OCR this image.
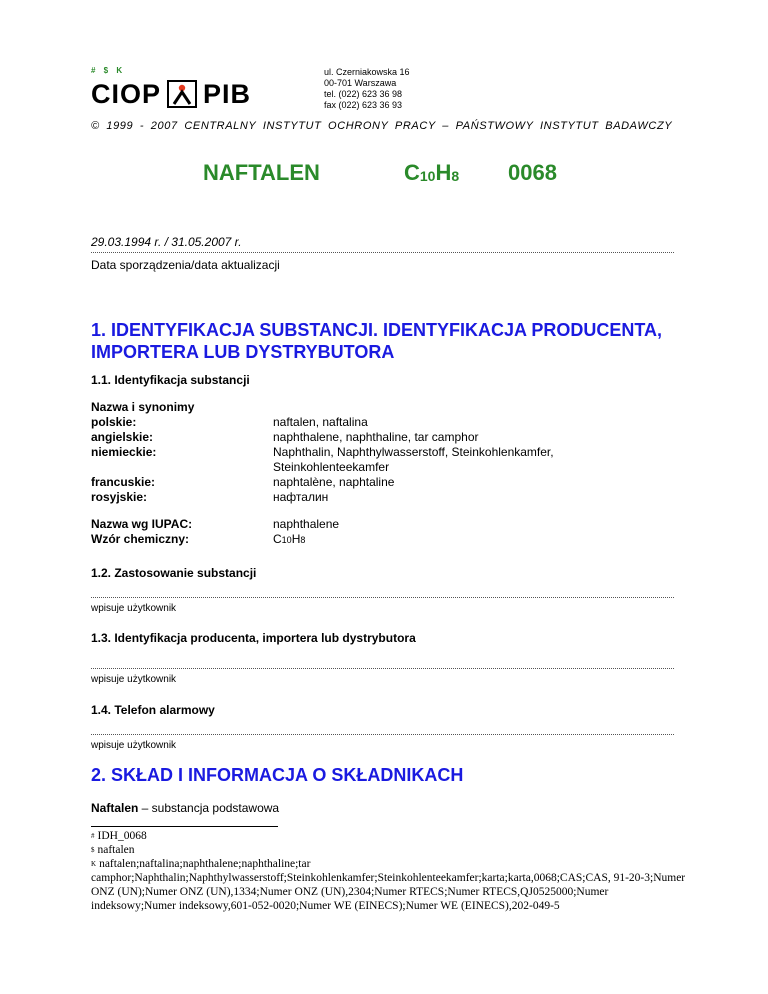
# $ K
CIOP PIB
ul. Czerniakowska 16
00-701 Warszawa
tel. (022) 623 36 98
fax (022) 623 36 93
© 1999 - 2007 CENTRALNY INSTYTUT OCHRONY PRACY – PAŃSTWOWY INSTYTUT BADAWCZY
NAFTALEN	$C_{10}H_8$ 0068
29.03.1994 r. / 31.05.2007 r.
Data sporządzenia/data aktualizacji
1. IDENTYFIKACJA SUBSTANCJI. IDENTYFIKACJA PRODUCENTA,
IMPORTERA LUB DYSTRYBUTORA
1.1. Identyfikacja substancji
Nazwa i synonimy
polskie:	naftalen, naftalina
angielskie:	naphthalene, naphthaline, tar camphor
niemieckie:	Naphthalin, Naphthylwasserstoff, Steinkohlenkamfer,
Steinkohlenteekamfer
francuskie:	naphtalène, naphtaline
rosyjskie:	нафталин
Nazwa wg IUPAC:	naphthalene
Wzór chemiczny:	C10H8
1.2. Zastosowanie substancji
wpisuje użytkownik
1.3. Identyfikacja producenta, importera lub dystrybutora
wpisuje użytkownik
1.4. Telefon alarmowy
wpisuje użytkownik
2. SKŁAD I INFORMACJA O SKŁADNIKACH
Naftalen – substancja podstawowa
# IDH_0068
$ naftalen
$^K$ naftalen;naftalina;naphthalene;naphthaline;tar camphor;Naphthalin;Naphthylwasserstoff;Steinkohlenkamfer;Steinkohlenteekamfer;karta;karta,0068;CAS;CAS, 91-20-3;Numer ONZ (UN);Numer ONZ (UN),1334;Numer ONZ (UN),2304;Numer RTECS;Numer RTECS,QJ0525000;Numer indeksowy;Numer indeksowy,601-052-0020;Numer WE (EINECS);Numer WE (EINECS),202-049-5
